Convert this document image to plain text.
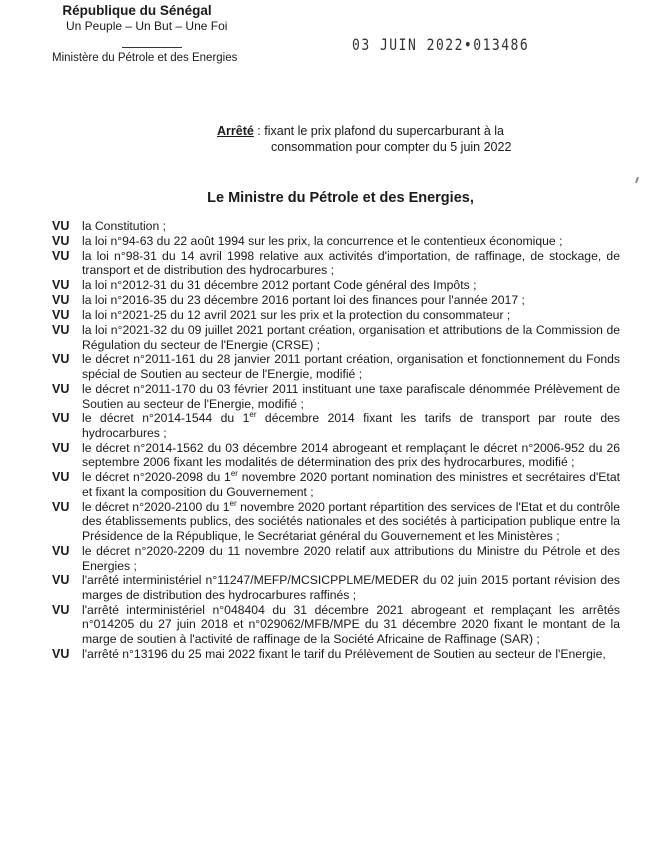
République du Sénégal
Un Peuple – Un But – Une Foi
Ministère du Pétrole et des Energies
03 JUIN 2022•013486
Arrêté : fixant le prix plafond du supercarburant à la
consommation pour compter du 5 juin 2022
Le Ministre du Pétrole et des Energies,
VU	la Constitution ;
VU	la loi n°94-63 du 22 août 1994 sur les prix, la concurrence et le contentieux économique ;
VU	la loi n°98-31 du 14 avril 1998 relative aux activités d'importation, de raffinage, de stockage, de transport et de distribution des hydrocarbures ;
VU	la loi n°2012-31 du 31 décembre 2012 portant Code général des Impôts ;
VU	la loi n°2016-35 du 23 décembre 2016 portant loi des finances pour l'année 2017 ;
VU	la loi n°2021-25 du 12 avril 2021 sur les prix et la protection du consommateur ;
VU	la loi n°2021-32 du 09 juillet 2021 portant création, organisation et attributions de la Commission de Régulation du secteur de l'Energie (CRSE) ;
VU	le décret n°2011-161 du 28 janvier 2011 portant création, organisation et fonctionnement du Fonds spécial de Soutien au secteur de l'Energie, modifié ;
VU	le décret n°2011-170 du 03 février 2011 instituant une taxe parafiscale dénommée Prélèvement de Soutien au secteur de l'Energie, modifié ;
VU	le décret n°2014-1544 du 1er décembre 2014 fixant les tarifs de transport par route des hydrocarbures ;
VU	le décret n°2014-1562 du 03 décembre 2014 abrogeant et remplaçant le décret n°2006-952 du 26 septembre 2006 fixant les modalités de détermination des prix des hydrocarbures, modifié ;
VU	le décret n°2020-2098 du 1er novembre 2020 portant nomination des ministres et secrétaires d'Etat et fixant la composition du Gouvernement ;
VU	le décret n°2020-2100 du 1er novembre 2020 portant répartition des services de l'Etat et du contrôle des établissements publics, des sociétés nationales et des sociétés à participation publique entre la Présidence de la République, le Secrétariat général du Gouvernement et les Ministères ;
VU	le décret n°2020-2209 du 11 novembre 2020 relatif aux attributions du Ministre du Pétrole et des Energies ;
VU	l'arrêté interministériel n°11247/MEFP/MCSICPPLME/MEDER du 02 juin 2015 portant révision des marges de distribution des hydrocarbures raffinés ;
VU	l'arrêté interministériel n°048404 du 31 décembre 2021 abrogeant et remplaçant les arrêtés n°014205 du 27 juin 2018 et n°029062/MFB/MPE du 31 décembre 2020 fixant le montant de la marge de soutien à l'activité de raffinage de la Société Africaine de Raffinage (SAR) ;
VU	l'arrêté n°13196 du 25 mai 2022 fixant le tarif du Prélèvement de Soutien au secteur de l'Energie,
